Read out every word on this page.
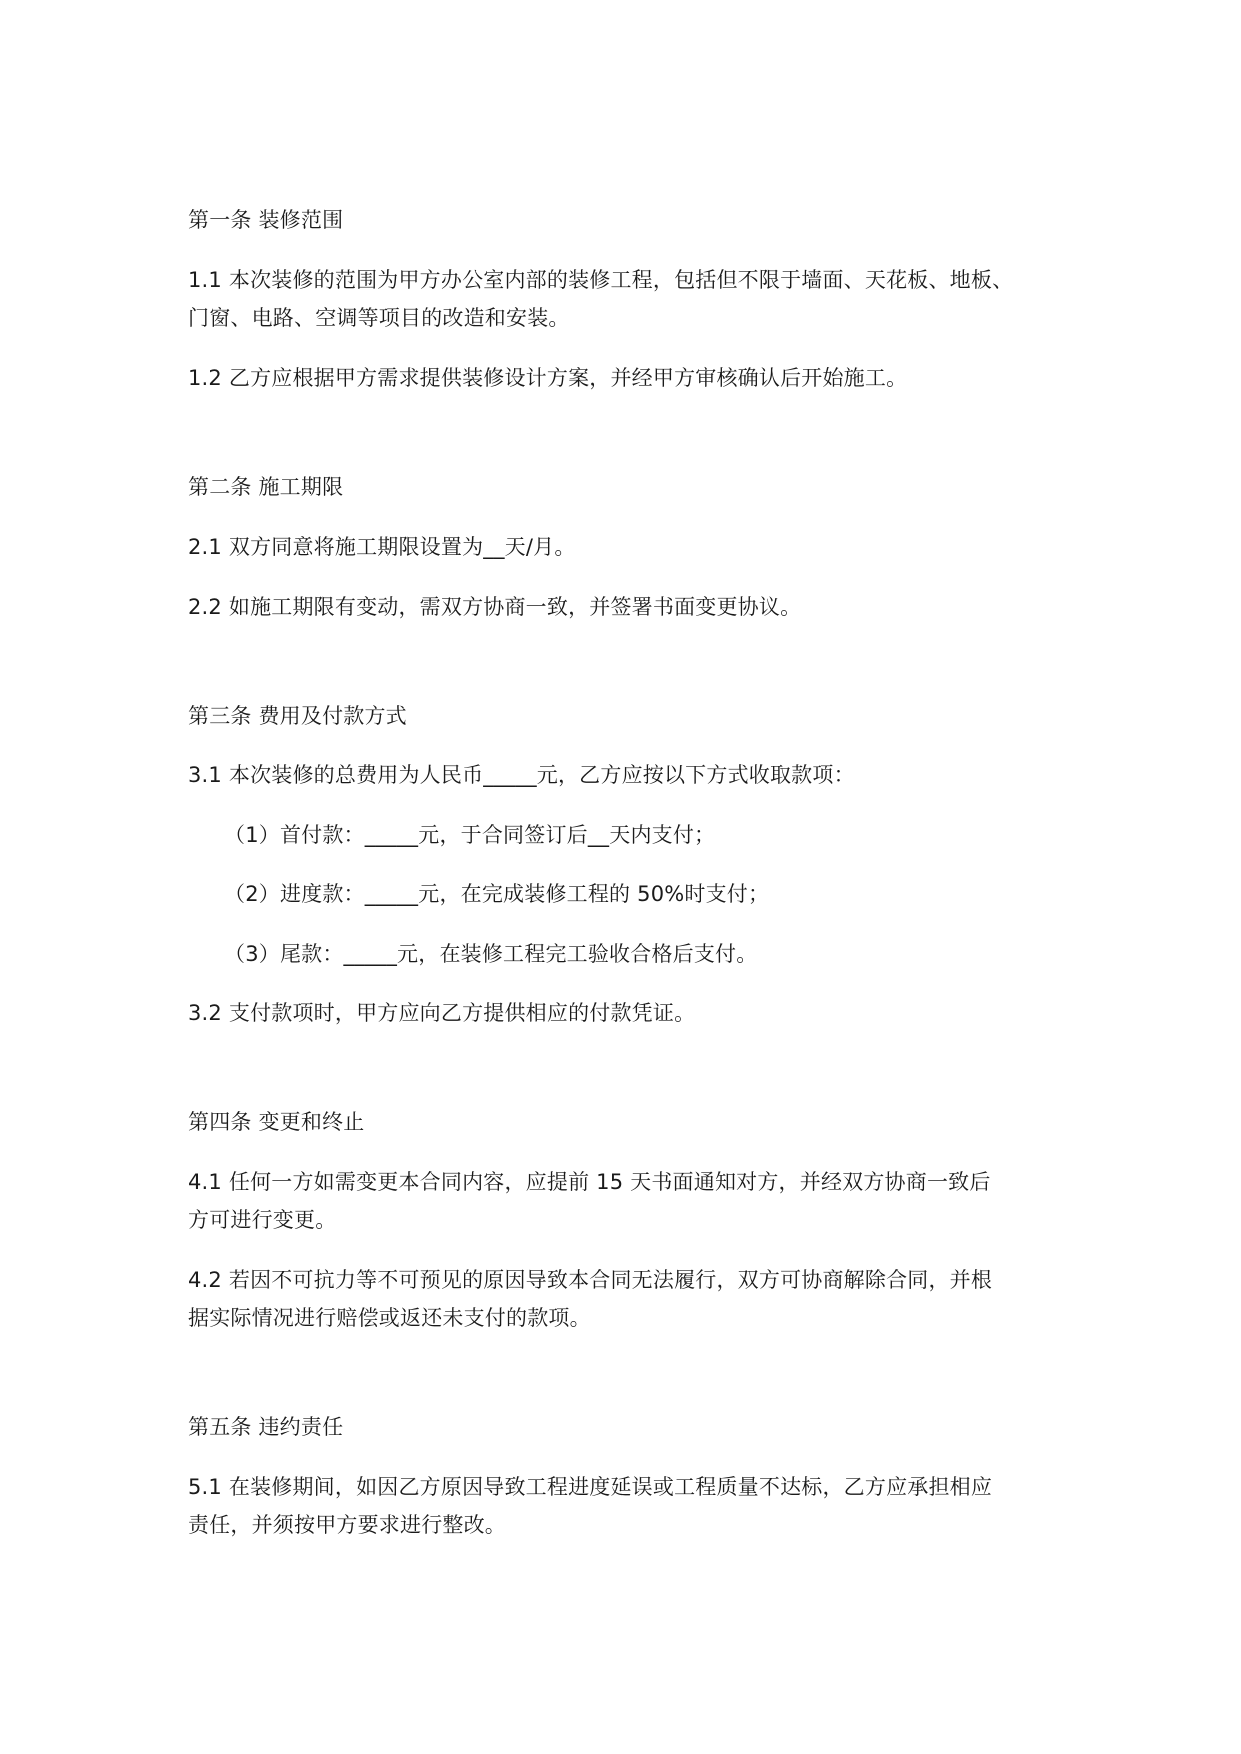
第一条 装修范围

1.1 本次装修的范围为甲方办公室内部的装修工程，包括但不限于墙面、天花板、地板、

门窗、电路、空调等项目的改造和安装。

1.2 乙方应根据甲方需求提供装修设计方案，并经甲方审核确认后开始施工。

第二条 施工期限

2.1 双方同意将施工期限设置为__天/月。

2.2 如施工期限有变动，需双方协商一致，并签署书面变更协议。

第三条 费用及付款方式

3.1 本次装修的总费用为人民币_____元，乙方应按以下方式收取款项：

（1）首付款：_____元，于合同签订后__天内支付；

（2）进度款：_____元，在完成装修工程的 50%时支付；

（3）尾款：_____元，在装修工程完工验收合格后支付。

3.2 支付款项时，甲方应向乙方提供相应的付款凭证。

第四条 变更和终止

4.1 任何一方如需变更本合同内容，应提前 15 天书面通知对方，并经双方协商一致后

方可进行变更。

4.2 若因不可抗力等不可预见的原因导致本合同无法履行，双方可协商解除合同，并根

据实际情况进行赔偿或返还未支付的款项。

第五条 违约责任

5.1 在装修期间，如因乙方原因导致工程进度延误或工程质量不达标，乙方应承担相应

责任，并须按甲方要求进行整改。
